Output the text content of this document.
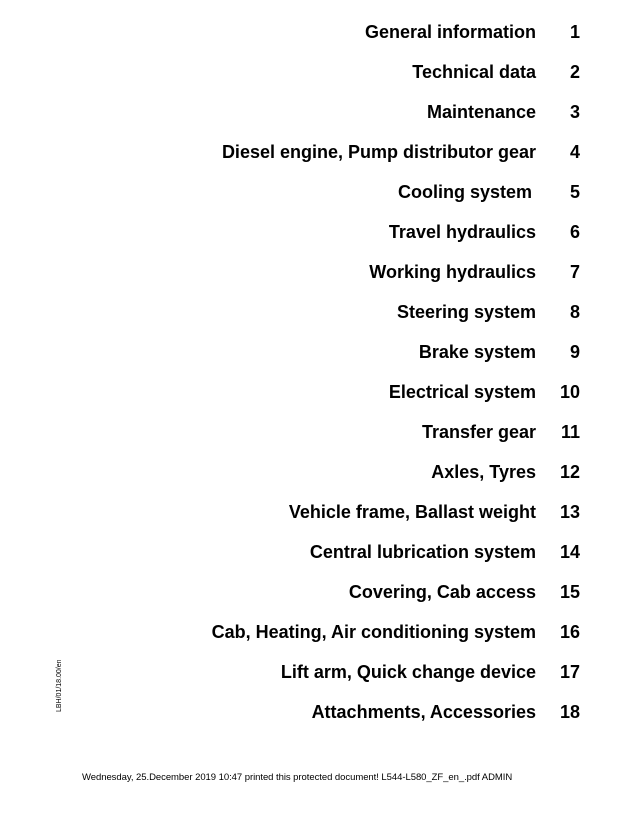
General information 1
Technical data 2
Maintenance 3
Diesel engine, Pump distributor gear 4
Cooling system 5
Travel hydraulics 6
Working hydraulics 7
Steering system 8
Brake system 9
Electrical system 10
Transfer gear 11
Axles, Tyres 12
Vehicle frame, Ballast weight 13
Central lubrication system 14
Covering, Cab access 15
Cab, Heating, Air conditioning system 16
Lift arm, Quick change device 17
Attachments, Accessories 18
LBH/01/18.00/en
Wednesday, 25.December 2019 10:47 printed this protected document! L544-L580_ZF_en_.pdf ADMIN
